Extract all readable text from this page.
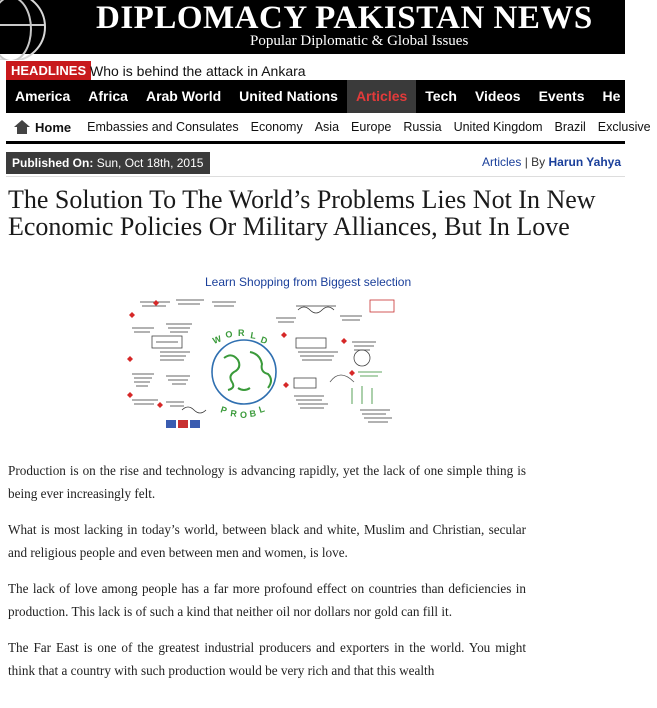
DIPLOMACY PAKISTAN NEWS
Popular Diplomatic & Global Issues
HEADLINES Who is behind the attack in Ankara
America	Africa	Arab World	United Nations	Articles	Tech	Videos	Events	He
Home	Embassies and Consulates Economy Asia Europe Russia United Kingdom Brazil Exclusive
Published On: Sun, Oct 18th, 2015	Articles | By Harun Yahya
The Solution To The World’s Problems Lies Not In New Economic Policies Or Military Alliances, But In Love
Learn Shopping from Biggest selection
W O R L D
P R O B L

Production is on the rise and technology is advancing rapidly, yet the lack of one simple thing is being ever increasingly felt.

What is most lacking in today’s world, between black and white, Muslim and Christian, secular and religious people and even between men and women, is love.

The lack of love among people has a far more profound effect on countries than deficiencies in production. This lack is of such a kind that neither oil nor dollars nor gold can fill it.

The Far East is one of the greatest industrial producers and exporters in the world. You might think that a country with such production would be very rich and that this wealth
